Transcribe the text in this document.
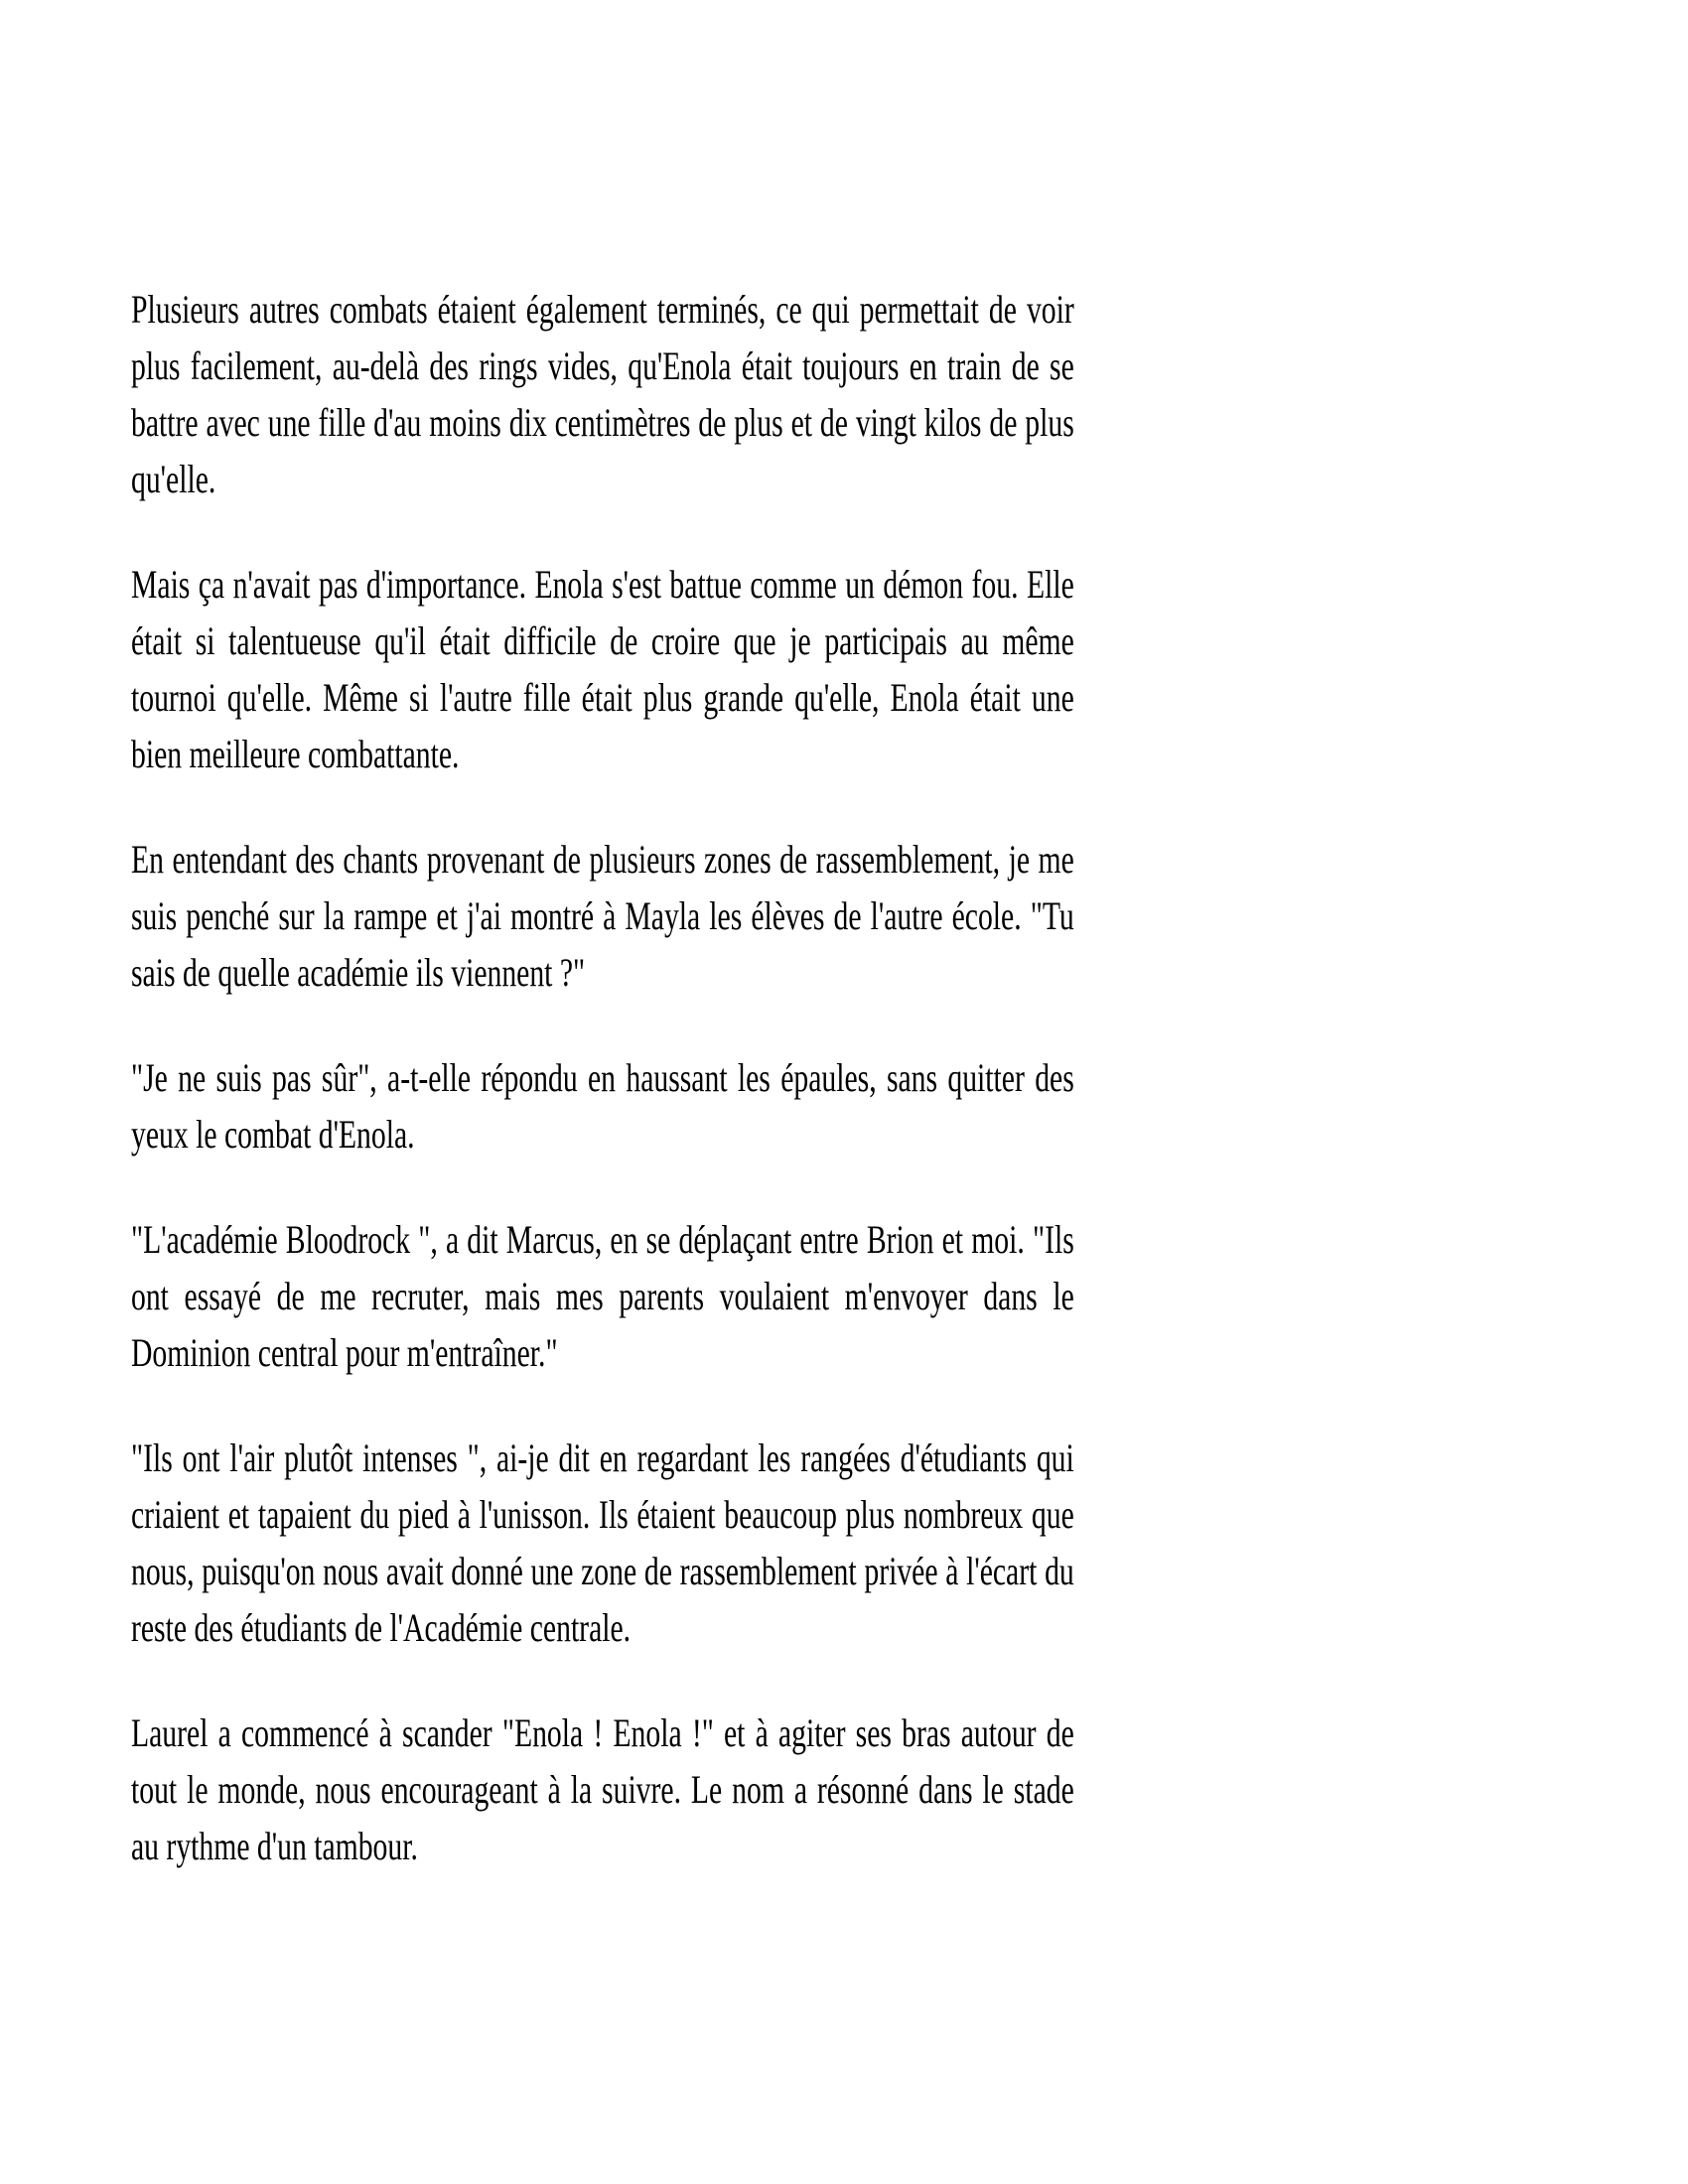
Plusieurs autres combats étaient également terminés, ce qui permettait de voir plus facilement, au-delà des rings vides, qu'Enola était toujours en train de se battre avec une fille d'au moins dix centimètres de plus et de vingt kilos de plus qu'elle.

Mais ça n'avait pas d'importance. Enola s'est battue comme un démon fou. Elle était si talentueuse qu'il était difficile de croire que je participais au même tournoi qu'elle. Même si l'autre fille était plus grande qu'elle, Enola était une bien meilleure combattante.

En entendant des chants provenant de plusieurs zones de rassemblement, je me suis penché sur la rampe et j'ai montré à Mayla les élèves de l'autre école. "Tu sais de quelle académie ils viennent ?"

"Je ne suis pas sûr", a-t-elle répondu en haussant les épaules, sans quitter des yeux le combat d'Enola.

"L'académie Bloodrock ", a dit Marcus, en se déplaçant entre Brion et moi. "Ils ont essayé de me recruter, mais mes parents voulaient m'envoyer dans le Dominion central pour m'entraîner."

"Ils ont l'air plutôt intenses ", ai-je dit en regardant les rangées d'étudiants qui criaient et tapaient du pied à l'unisson. Ils étaient beaucoup plus nombreux que nous, puisqu'on nous avait donné une zone de rassemblement privée à l'écart du reste des étudiants de l'Académie centrale.

Laurel a commencé à scander "Enola ! Enola !" et à agiter ses bras autour de tout le monde, nous encourageant à la suivre. Le nom a résonné dans le stade au rythme d'un tambour.
